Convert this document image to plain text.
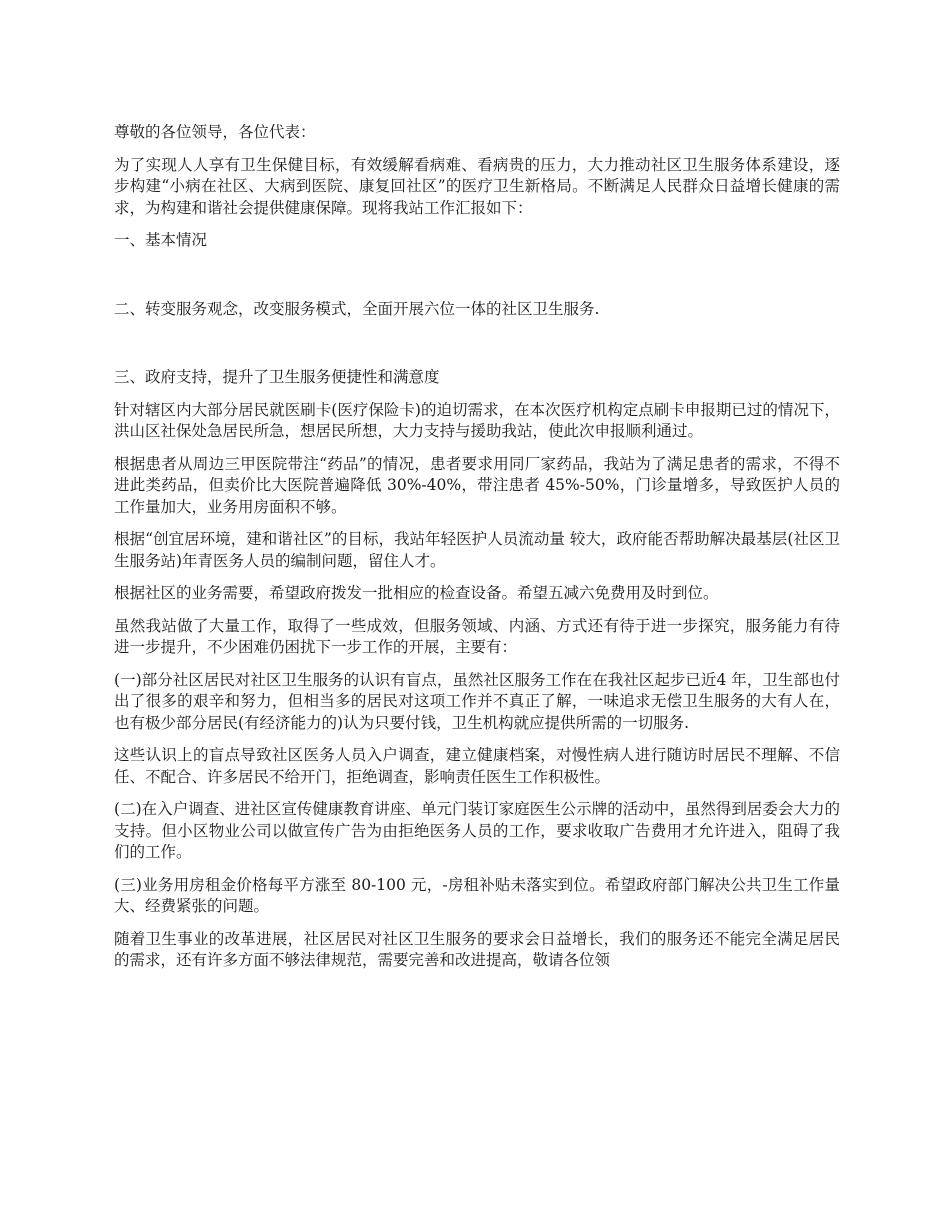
尊敬的各位领导，各位代表：

为了实现人人享有卫生保健目标，有效缓解看病难、看病贵的压力，大力推动社区卫生服务体系建设，逐步构建“小病在社区、大病到医院、康复回社区”的医疗卫生新格局。不断满足人民群众日益增长健康的需求，为构建和谐社会提供健康保障。现将我站工作汇报如下：

一、基本情况

二、转变服务观念，改变服务模式，全面开展六位一体的社区卫生服务.

三、政府支持，提升了卫生服务便捷性和满意度

针对辖区内大部分居民就医刷卡(医疗保险卡)的迫切需求，在本次医疗机构定点刷卡申报期已过的情况下，洪山区社保处急居民所急，想居民所想，大力支持与援助我站，使此次申报顺利通过。

根据患者从周边三甲医院带注“药品”的情况，患者要求用同厂家药品，我站为了满足患者的需求，不得不进此类药品，但卖价比大医院普遍降低 30%-40%，带注患者 45%-50%，门诊量增多，导致医护人员的工作量加大，业务用房面积不够。

根据“创宜居环境，建和谐社区”的目标，我站年轻医护人员流动量 较大，政府能否帮助解决最基层(社区卫生服务站)年青医务人员的编制问题，留住人才。

根据社区的业务需要，希望政府拨发一批相应的检查设备。希望五减六免费用及时到位。

虽然我站做了大量工作，取得了一些成效，但服务领域、内涵、方式还有待于进一步探究，服务能力有待进一步提升，不少困难仍困扰下一步工作的开展，主要有：

(一)部分社区居民对社区卫生服务的认识有盲点，虽然社区服务工作在在我社区起步已近4 年，卫生部也付出了很多的艰辛和努力，但相当多的居民对这项工作并不真正了解，一味追求无偿卫生服务的大有人在，也有极少部分居民(有经济能力的)认为只要付钱，卫生机构就应提供所需的一切服务.

这些认识上的盲点导致社区医务人员入户调查，建立健康档案，对慢性病人进行随访时居民不理解、不信任、不配合、许多居民不给开门，拒绝调查，影响责任医生工作积极性。

(二)在入户调查、进社区宣传健康教育讲座、单元门装订家庭医生公示牌的活动中，虽然得到居委会大力的支持。但小区物业公司以做宣传广告为由拒绝医务人员的工作，要求收取广告费用才允许进入，阻碍了我们的工作。

(三)业务用房租金价格每平方涨至 80-100 元，-房租补贴未落实到位。希望政府部门解决公共卫生工作量大、经费紧张的问题。

随着卫生事业的改革进展，社区居民对社区卫生服务的要求会日益增长，我们的服务还不能完全满足居民的需求，还有许多方面不够法律规范，需要完善和改进提高，敬请各位领
